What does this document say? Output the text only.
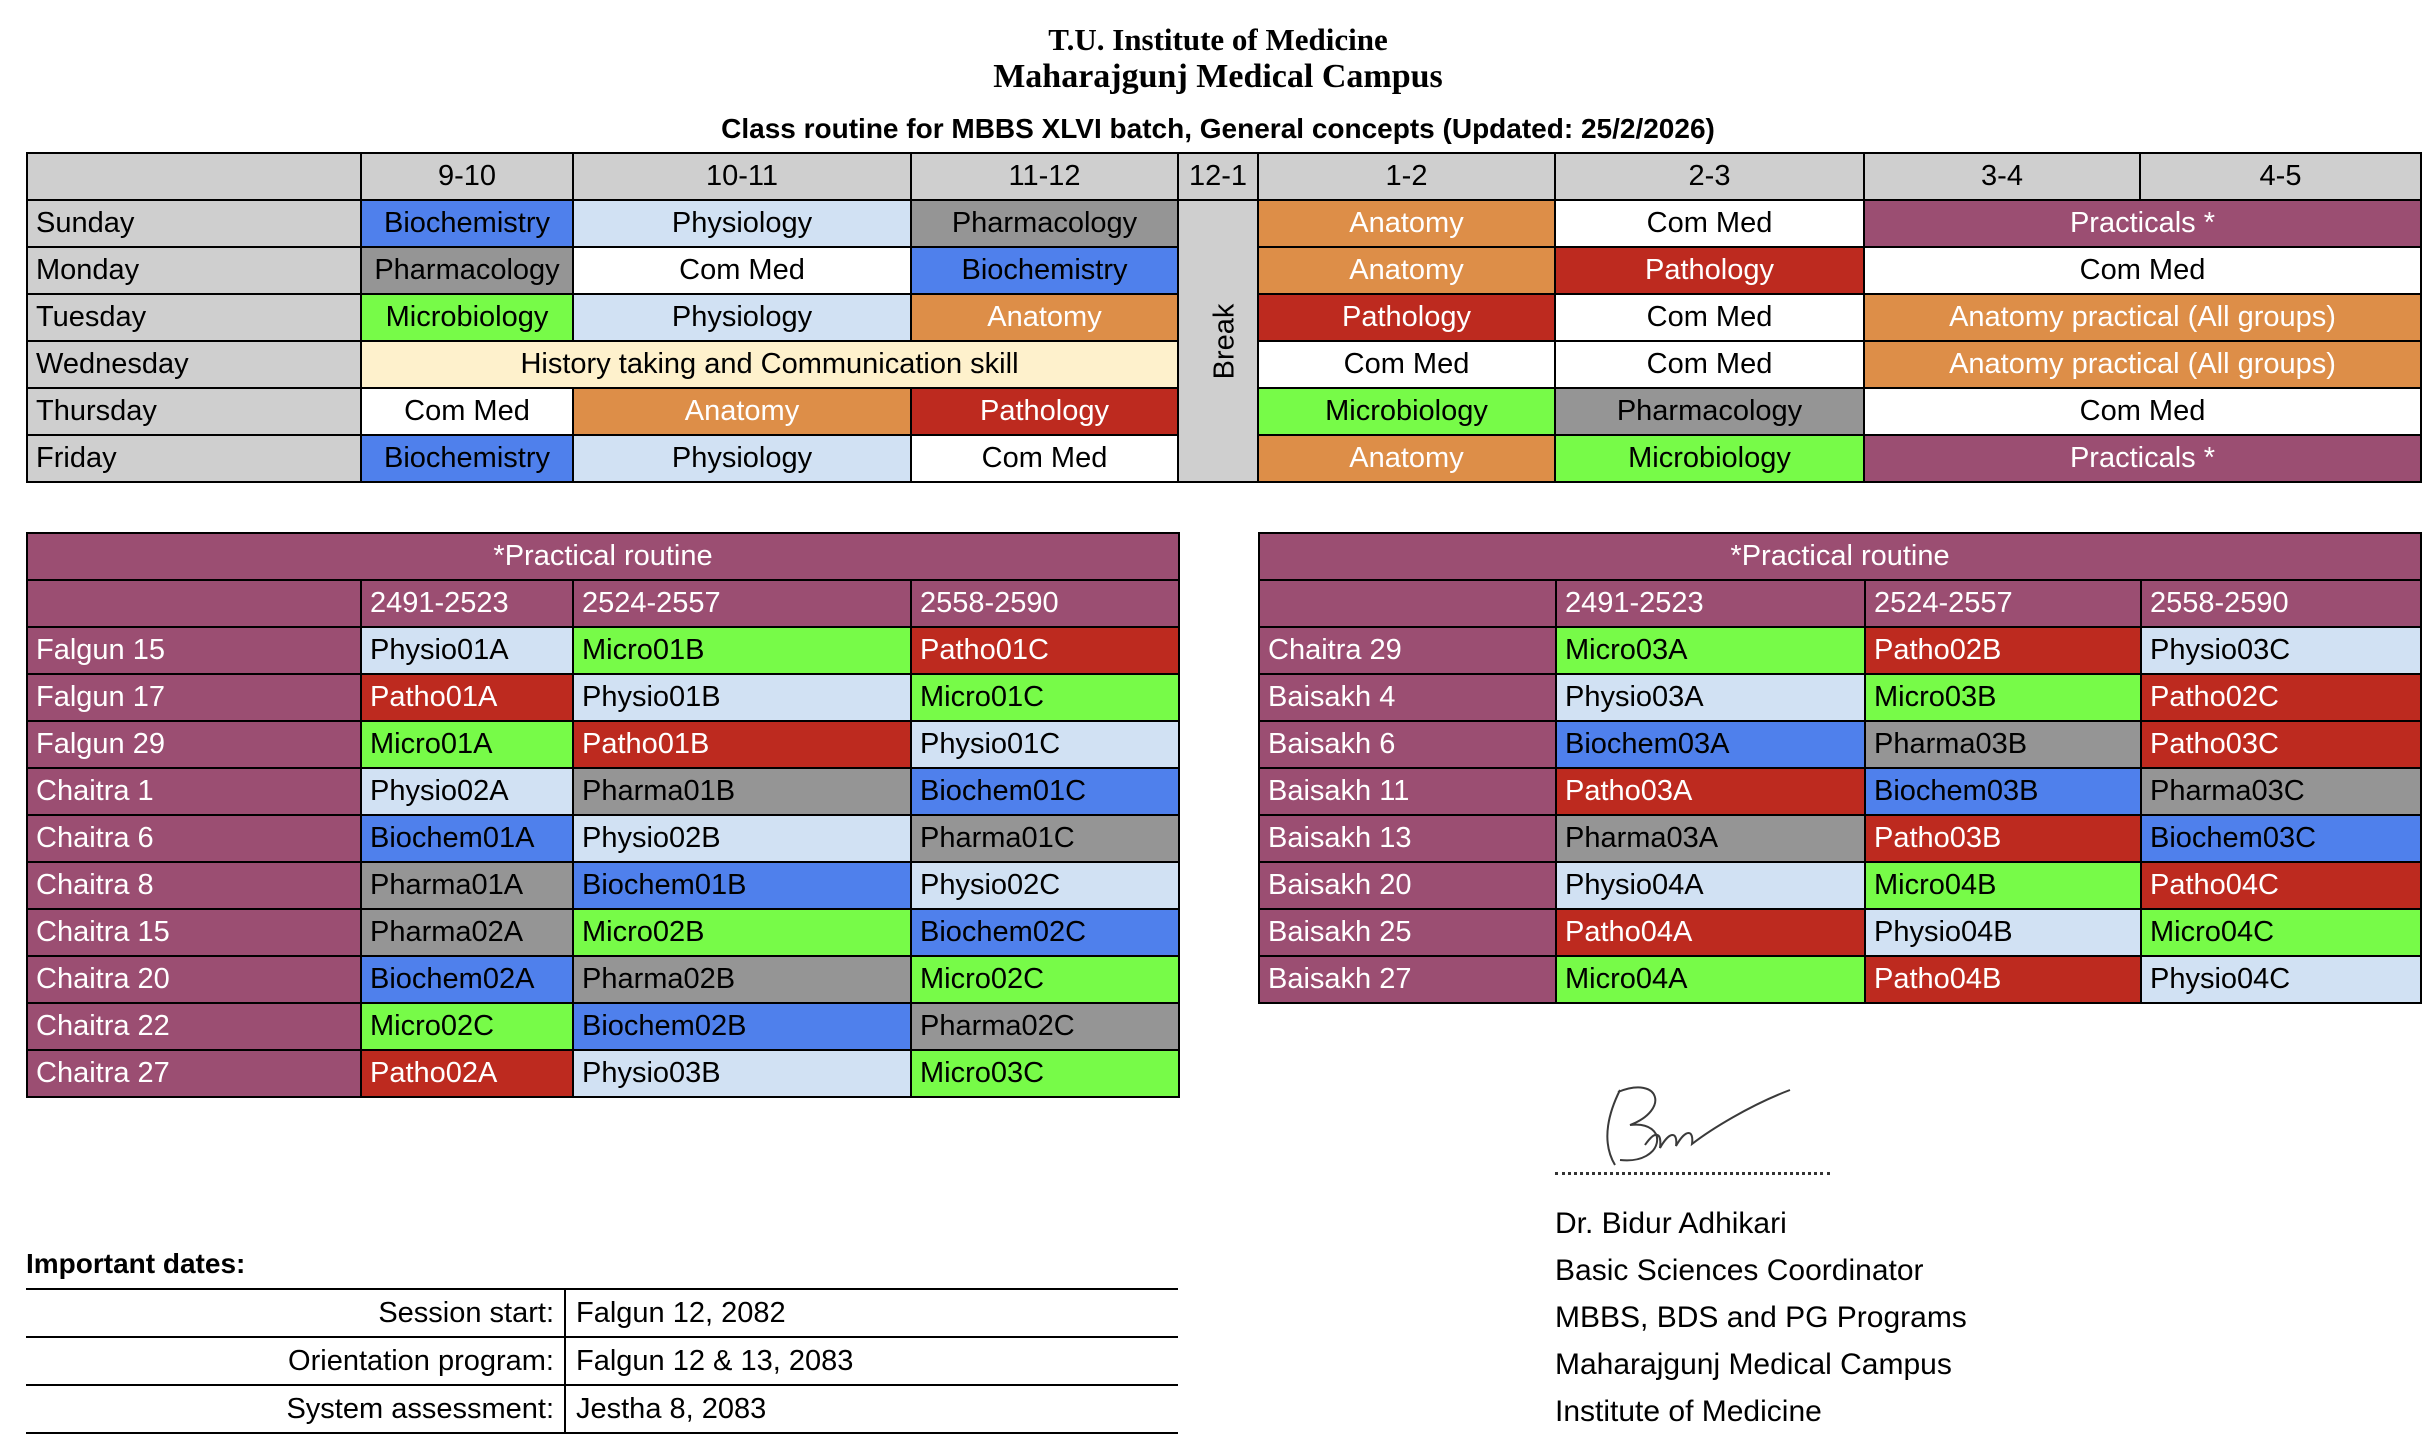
T.U. Institute of Medicine
Maharajgunj Medical Campus
Class routine for MBBS XLVI batch, General concepts (Updated: 25/2/2026)
	9-10	10-11	11-12	12-1	1-2	2-3	3-4	4-5
Sunday	Biochemistry	Physiology	Pharmacology	Break	Anatomy	Com Med	Practicals *	
Monday	Pharmacology	Com Med	Biochemistry		Anatomy	Pathology	Com Med	
Tuesday	Microbiology	Physiology	Anatomy		Pathology	Com Med	Anatomy practical (All groups)	
Wednesday	History taking and Communication skill				Com Med	Com Med	Anatomy practical (All groups)	
Thursday	Com Med	Anatomy	Pathology		Microbiology	Pharmacology	Com Med	
Friday	Biochemistry	Physiology	Com Med		Anatomy	Microbiology	Practicals *	
*Practical routine			
	2491-2523	2524-2557	2558-2590
Falgun 15	Physio01A	Micro01B	Patho01C
Falgun 17	Patho01A	Physio01B	Micro01C
Falgun 29	Micro01A	Patho01B	Physio01C
Chaitra 1	Physio02A	Pharma01B	Biochem01C
Chaitra 6	Biochem01A	Physio02B	Pharma01C
Chaitra 8	Pharma01A	Biochem01B	Physio02C
Chaitra 15	Pharma02A	Micro02B	Biochem02C
Chaitra 20	Biochem02A	Pharma02B	Micro02C
Chaitra 22	Micro02C	Biochem02B	Pharma02C
Chaitra 27	Patho02A	Physio03B	Micro03C
*Practical routine			
	2491-2523	2524-2557	2558-2590
Chaitra 29	Micro03A	Patho02B	Physio03C
Baisakh 4	Physio03A	Micro03B	Patho02C
Baisakh 6	Biochem03A	Pharma03B	Patho03C
Baisakh 11	Patho03A	Biochem03B	Pharma03C
Baisakh 13	Pharma03A	Patho03B	Biochem03C
Baisakh 20	Physio04A	Micro04B	Patho04C
Baisakh 25	Patho04A	Physio04B	Micro04C
Baisakh 27	Micro04A	Patho04B	Physio04C
Important dates:
Session start: Falgun 12, 2082
Orientation program: Falgun 12 & 13, 2083
System assessment: Jestha 8, 2083
Dr. Bidur Adhikari
Basic Sciences Coordinator
MBBS, BDS and PG Programs
Maharajgunj Medical Campus
Institute of Medicine
